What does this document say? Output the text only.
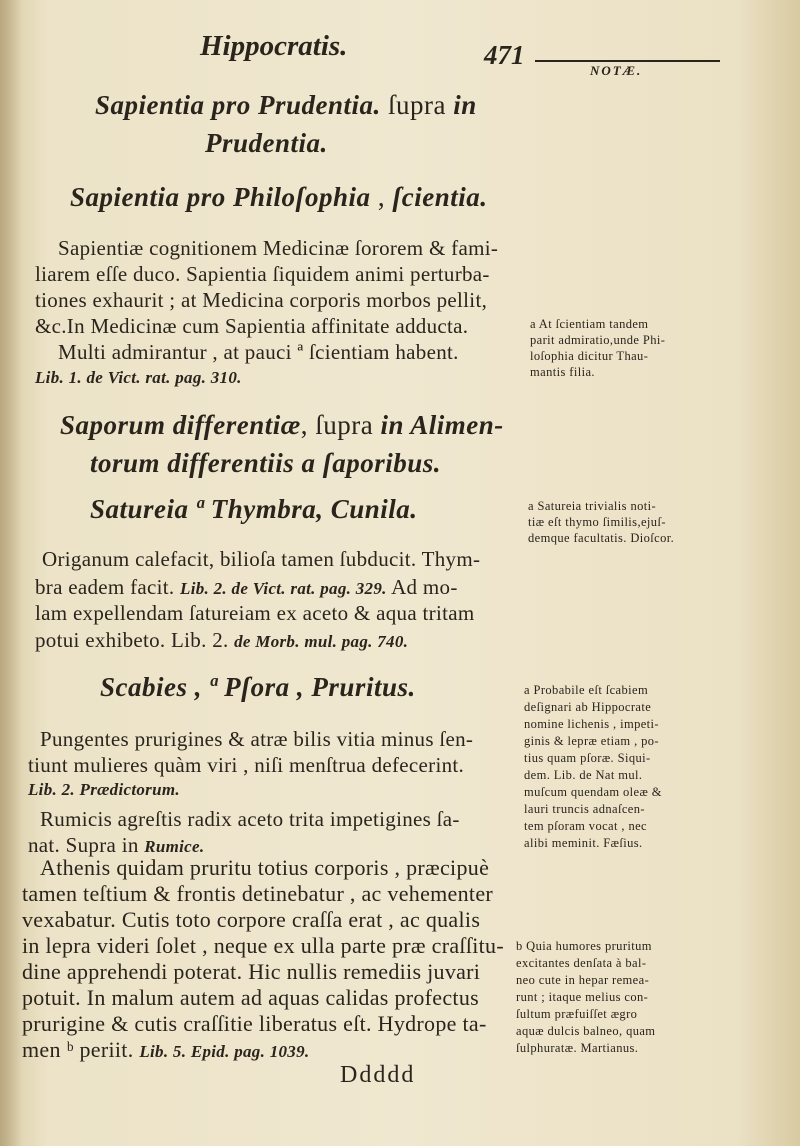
Hippocratis.	471
NOTÆ.
Sapientia pro Prudentia. ſupra in
Prudentia.
Sapientia pro Philoſophia , ſcientia.
Sapientiæ cognitionem Medicinæ ſororem & fami-
liarem eſſe duco. Sapientia ſiquidem animi perturba-
tiones exhaurit ; at Medicina corporis morbos pellit,
&c.In Medicinæ cum Sapientia affinitate adducta.
Multi admirantur , at pauci ª ſcientiam habent.
Lib. 1. de Vict. rat. pag. 310.
Saporum differentiæ, ſupra in Alimen-
torum differentiis a ſaporibus.
Satureia ª Thymbra, Cunila.
Origanum calefacit, bilioſa tamen ſubducit. Thym-
bra eadem facit. Lib. 2. de Vict. rat. pag. 329. Ad mo-
lam expellendam ſatureiam ex aceto & aqua tritam
potui exhibeto. Lib. 2. de Morb. mul. pag. 740.
Scabies , ª Pſora , Pruritus.
Pungentes prurigines & atræ bilis vitia minus ſen-
tiunt mulieres quàm viri , niſi menſtrua defecerint.
Lib. 2. Prædictorum.
Rumicis agreſtis radix aceto trita impetigines ſa-
nat. Supra in Rumice.
Athenis quidam pruritu totius corporis , præcipuè
tamen teſtium & frontis detinebatur , ac vehementer
vexabatur. Cutis toto corpore craſſa erat , ac qualis
in lepra videri ſolet , neque ex ulla parte præ craſſitu-
dine apprehendi poterat. Hic nullis remediis juvari
potuit. In malum autem ad aquas calidas profectus
prurigine & cutis craſſitie liberatus eſt. Hydrope ta-
men ᵇ periit. Lib. 5. Epid. pag. 1039.
Ddddd
a At ſcientiam tandem
parit admiratio,unde Phi-
loſophia dicitur Thau-
mantis filia.
a Satureia trivialis noti-
tiæ eſt thymo ſimilis,ejuſ-
demque facultatis. Dioſcor.
a Probabile eſt ſcabiem
deſignari ab Hippocrate
nomine lichenis , impeti-
ginis & lepræ etiam , po-
tius quam pſoræ. Siqui-
dem. Lib. de Nat mul.
muſcum quendam oleæ &
lauri truncis adnaſcen-
tem pſoram vocat , nec
alibi meminit. Fæſius.
b Quia humores pruritum
excitantes denſata à bal-
neo cute in hepar remea-
runt ; itaque melius con-
ſultum præfuiſſet ægro
aquæ dulcis balneo, quam
ſulphuratæ. Martianus.
